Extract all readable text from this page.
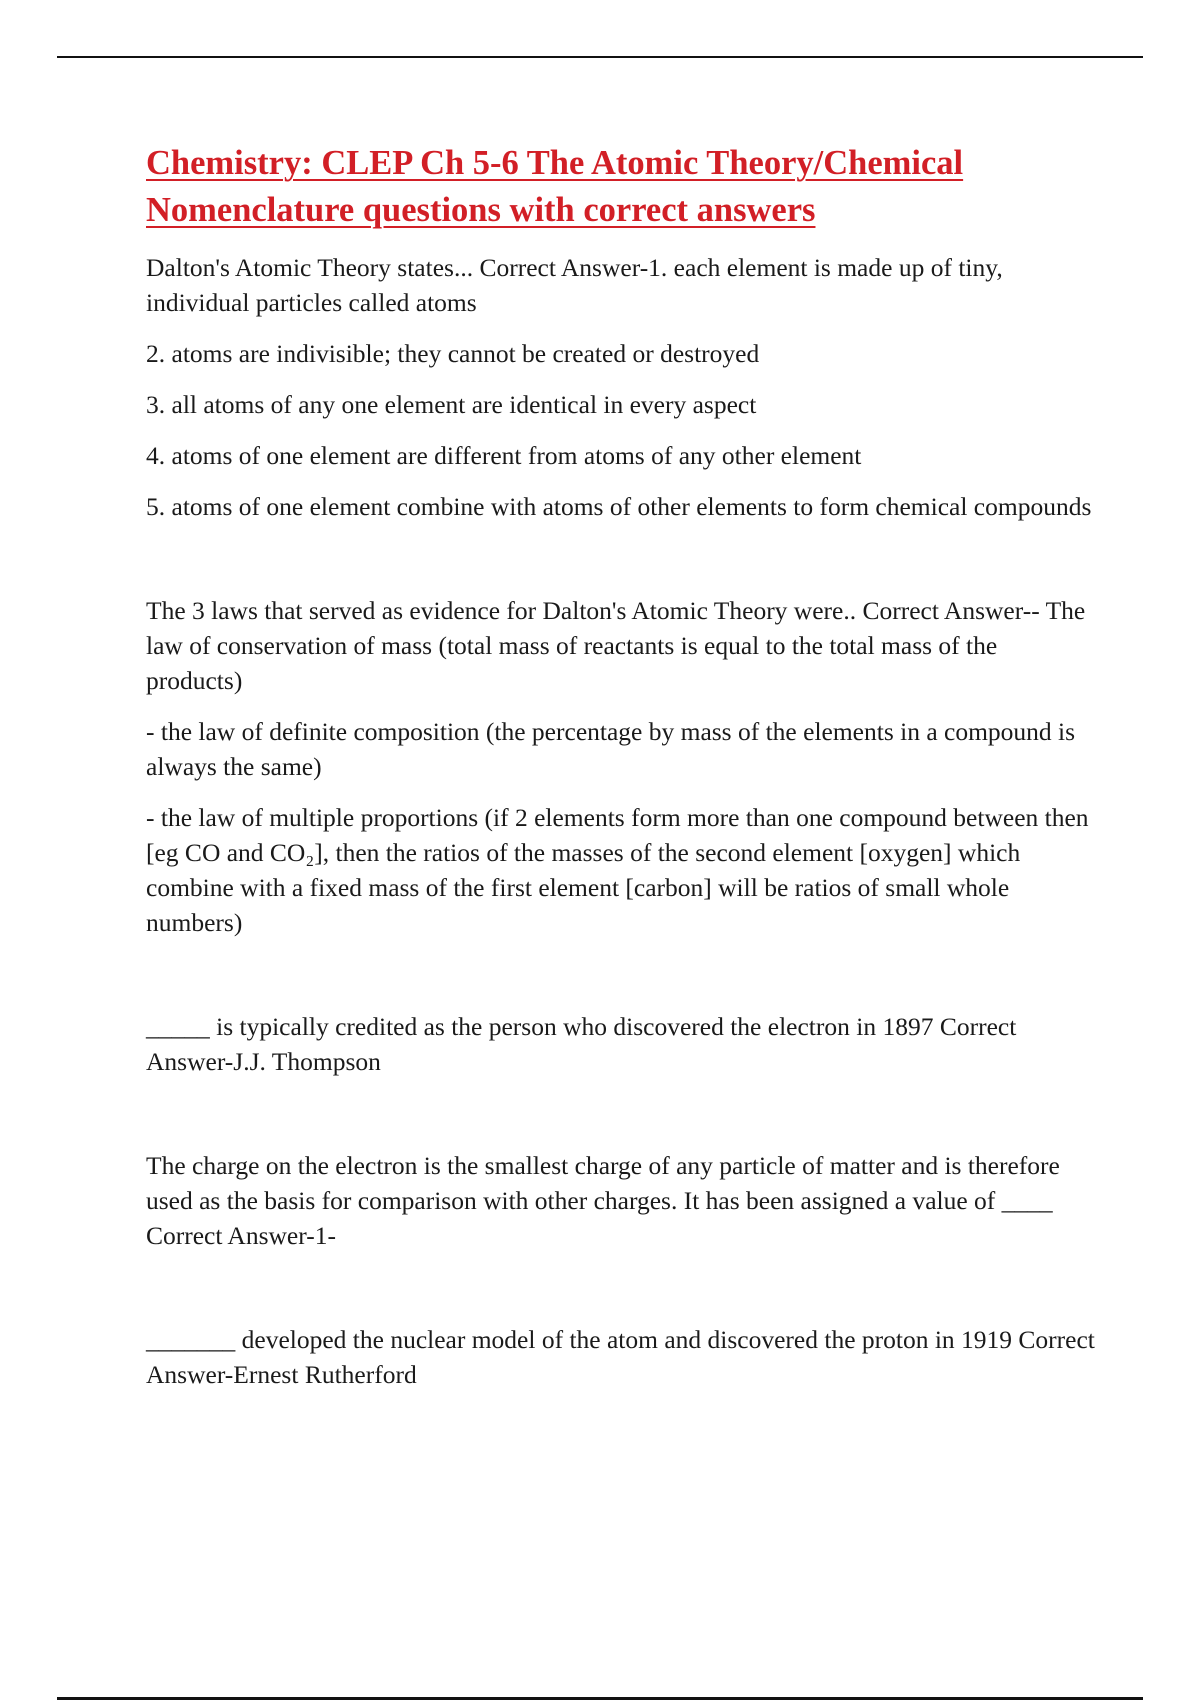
Chemistry: CLEP Ch 5-6 The Atomic Theory/Chemical Nomenclature questions with correct answers

Dalton's Atomic Theory states... Correct Answer-1. each element is made up of tiny, individual particles called atoms

2. atoms are indivisible; they cannot be created or destroyed

3. all atoms of any one element are identical in every aspect

4. atoms of one element are different from atoms of any other element

5. atoms of one element combine with atoms of other elements to form chemical compounds

The 3 laws that served as evidence for Dalton's Atomic Theory were.. Correct Answer-- The law of conservation of mass (total mass of reactants is equal to the total mass of the products)

- the law of definite composition (the percentage by mass of the elements in a compound is always the same)

- the law of multiple proportions (if 2 elements form more than one compound between then [eg CO and CO₂], then the ratios of the masses of the second element [oxygen] which combine with a fixed mass of the first element [carbon] will be ratios of small whole numbers)

_____ is typically credited as the person who discovered the electron in 1897 Correct Answer-J.J. Thompson

The charge on the electron is the smallest charge of any particle of matter and is therefore used as the basis for comparison with other charges. It has been assigned a value of ____ Correct Answer-1-

_______ developed the nuclear model of the atom and discovered the proton in 1919 Correct Answer-Ernest Rutherford
